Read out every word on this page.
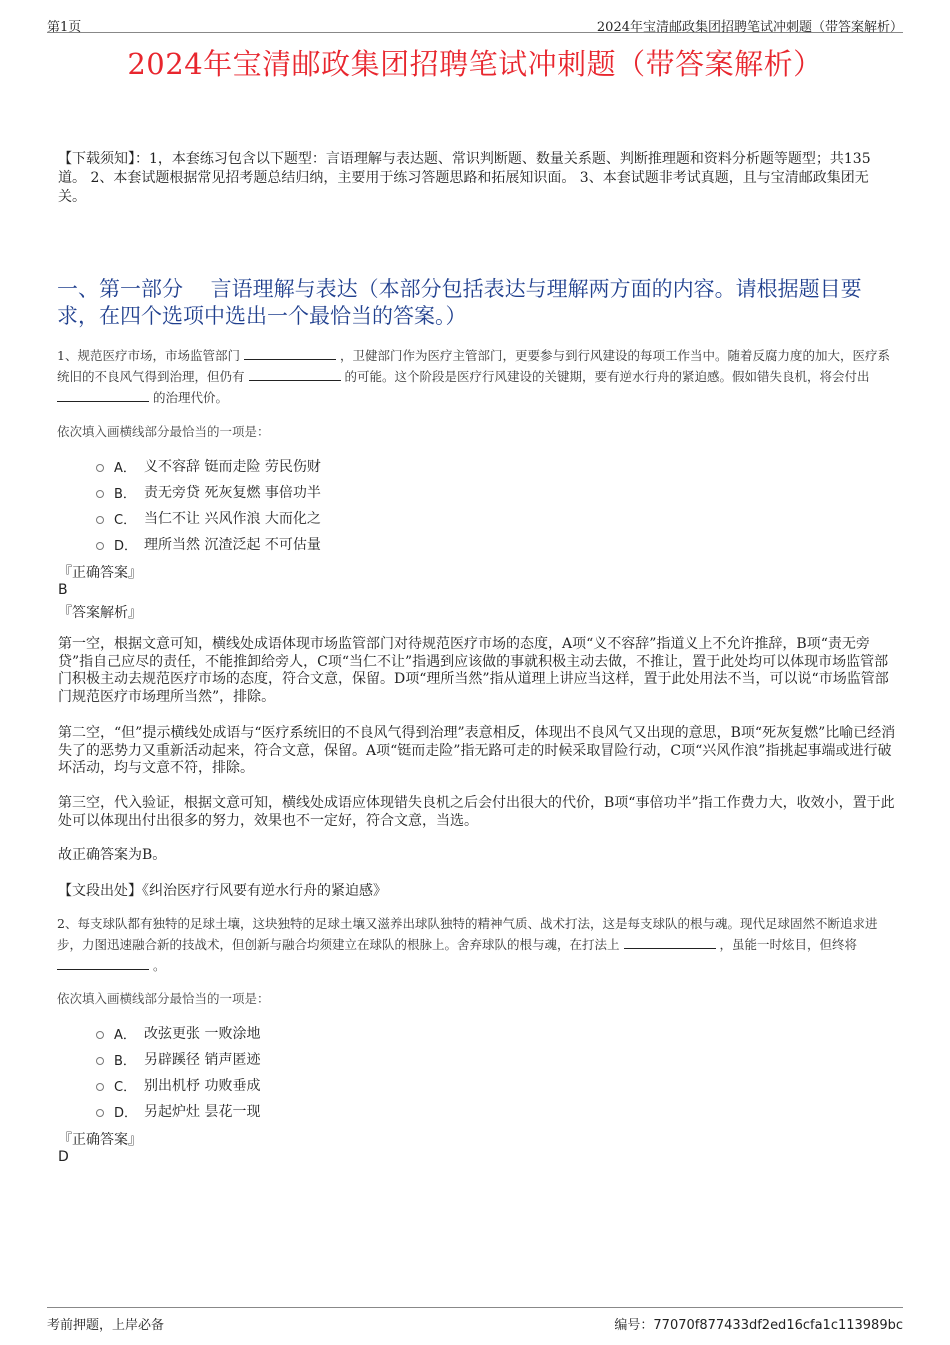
第1页	2024年宝清邮政集团招聘笔试冲刺题（带答案解析）
2024年宝清邮政集团招聘笔试冲刺题（带答案解析）
【下载须知】：1，本套练习包含以下题型：言语理解与表达题、常识判断题、数量关系题、判断推理题和资料分析题等题型；共135道。 2、本套试题根据常见招考题总结归纳，主要用于练习答题思路和拓展知识面。 3、本套试题非考试真题，且与宝清邮政集团无关。
一、第一部分　 言语理解与表达（本部分包括表达与理解两方面的内容。请根据题目要求，在四个选项中选出一个最恰当的答案。）
1、规范医疗市场，市场监管部门	，卫健部门作为医疗主管部门，更要参与到行风建设的每项工作当中。随着反腐力度的加大，医疗系统旧的不良风气得到治理，但仍有	的可能。这个阶段是医疗行风建设的关键期，要有逆水行舟的紧迫感。假如错失良机，将会付出  的治理代价。
依次填入画横线部分最恰当的一项是：
A． 义不容辞 铤而走险 劳民伤财
B． 责无旁贷 死灰复燃 事倍功半
C． 当仁不让 兴风作浪 大而化之
D． 理所当然 沉渣泛起 不可估量
『正确答案』
B
『答案解析』
第一空，根据文意可知，横线处成语体现市场监管部门对待规范医疗市场的态度，A项“义不容辞”指道义上不允许推辞，B项“责无旁贷”指自己应尽的责任，不能推卸给旁人，C项“当仁不让”指遇到应该做的事就积极主动去做，不推让，置于此处均可以体现市场监管部门积极主动去规范医疗市场的态度，符合文意，保留。D项“理所当然”指从道理上讲应当这样，置于此处用法不当，可以说“市场监管部门规范医疗市场理所当然”，排除。
第二空，“但”提示横线处成语与“医疗系统旧的不良风气得到治理”表意相反，体现出不良风气又出现的意思，B项“死灰复燃”比喻已经消失了的恶势力又重新活动起来，符合文意，保留。A项“铤而走险”指无路可走的时候采取冒险行动，C项“兴风作浪”指挑起事端或进行破坏活动，均与文意不符，排除。
第三空，代入验证，根据文意可知，横线处成语应体现错失良机之后会付出很大的代价，B项“事倍功半”指工作费力大，收效小，置于此处可以体现出付出很多的努力，效果也不一定好，符合文意，当选。
故正确答案为B。
【文段出处】《纠治医疗行风要有逆水行舟的紧迫感》
2、每支球队都有独特的足球土壤，这块独特的足球土壤又滋养出球队独特的精神气质、战术打法，这是每支球队的根与魂。现代足球固然不断追求进步，力图迅速融合新的技战术，但创新与融合均须建立在球队的根脉上。舍弃球队的根与魂，在打法上	，虽能一时炫目，但终将  。
依次填入画横线部分最恰当的一项是：
A． 改弦更张 一败涂地
B． 另辟蹊径 销声匿迹
C． 别出机杼 功败垂成
D． 另起炉灶 昙花一现
『正确答案』
D
考前押题，上岸必备	编号：77070f877433df2ed16cfa1c113989bc
